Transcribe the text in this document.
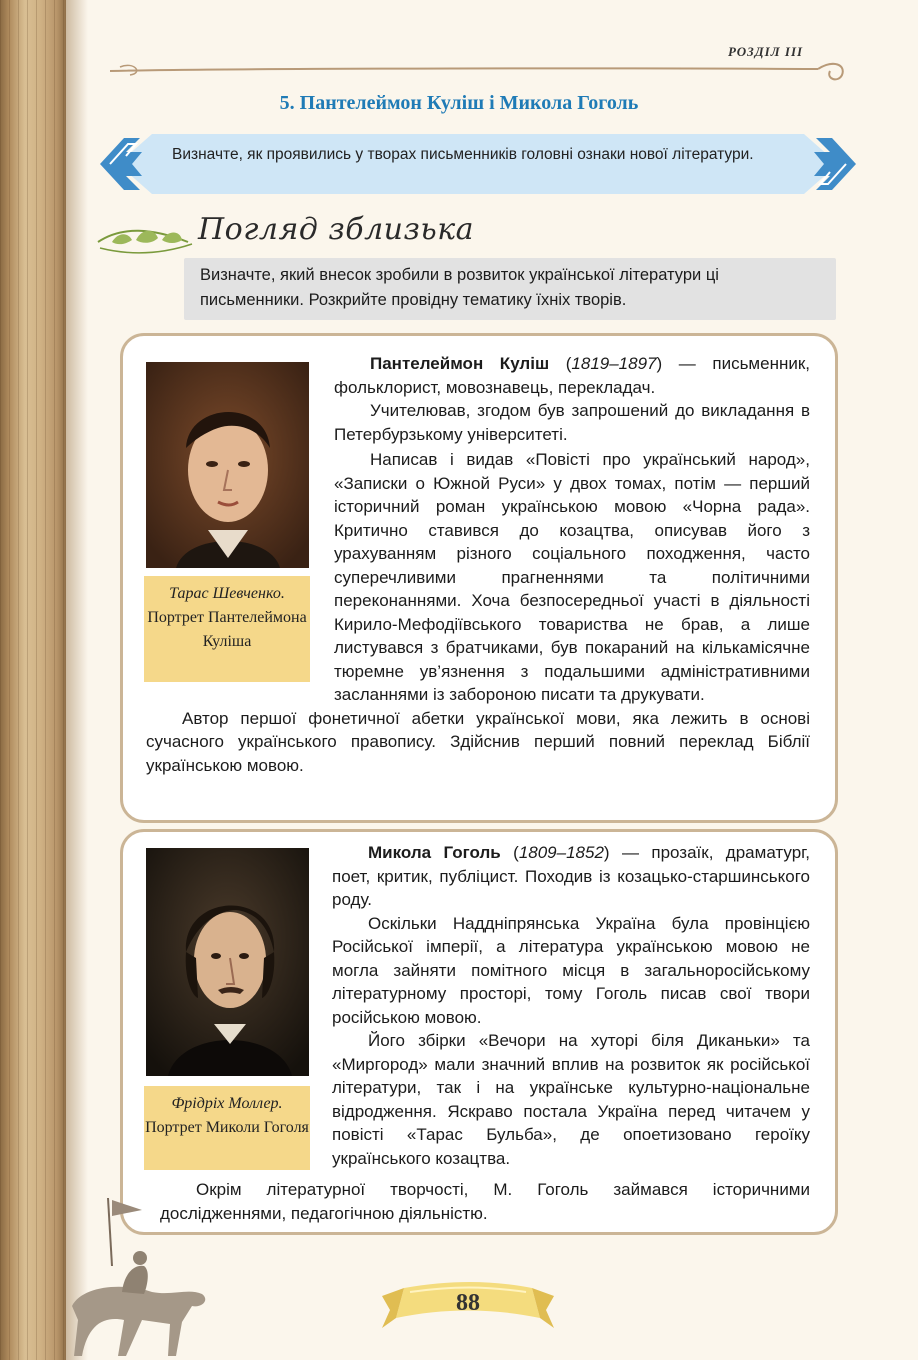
РОЗДІЛ III
5. Пантелеймон Куліш і Микола Гоголь
Визначте, як проявились у творах письменників головні ознаки нової літератури.
Погляд зблизька
Визначте, який внесок зробили в розвиток української літератури ці письменники. Розкрийте провідну тематику їхніх творів.
Тарас Шевченко.
Портрет Пантелеймона Куліша

Пантелеймон Куліш (1819–1897) — письменник, фольклорист, мовознавець, перекладач.

Учителював, згодом був запрошений до викладання в Петербурзькому університеті.

Написав і видав «Повісті про український народ», «Записки о Южной Руси» у двох томах, потім — перший історичний роман українською мовою «Чорна рада». Критично ставився до козацтва, описував його з урахуванням різного соціального походження, часто суперечливими прагненнями та політичними переконаннями. Хоча безпосередньої участі в діяльності Кирило-Мефодіївського товариства не брав, а лише листувався з братчиками, був покараний на кількамісячне тюремне ув’язнення з подальшими адміністративними засланнями із забороною писати та друкувати.

Автор першої фонетичної абетки української мови, яка лежить в основі сучасного українського правопису. Здійснив перший повний переклад Біблії українською мовою.

Фрідріх Моллер.
Портрет Миколи Гоголя

Микола Гоголь (1809–1852) — прозаїк, драматург, поет, критик, публіцист. Походив із козацько-старшинського роду.

Оскільки Наддніпрянська Україна була провінцією Російської імперії, а література українською мовою не могла зайняти помітного місця в загальноросійському літературному просторі, тому Гоголь писав свої твори російською мовою.

Його збірки «Вечори на хуторі біля Диканьки» та «Миргород» мали значний вплив на розвиток як російської літератури, так і на українське культурно-національне відродження. Яскраво постала Україна перед читачем у повісті «Тарас Бульба», де опоетизовано героїку українського козацтва.

Окрім літературної творчості, М. Гоголь займався історичними дослідженнями, педагогічною діяльністю.

88
